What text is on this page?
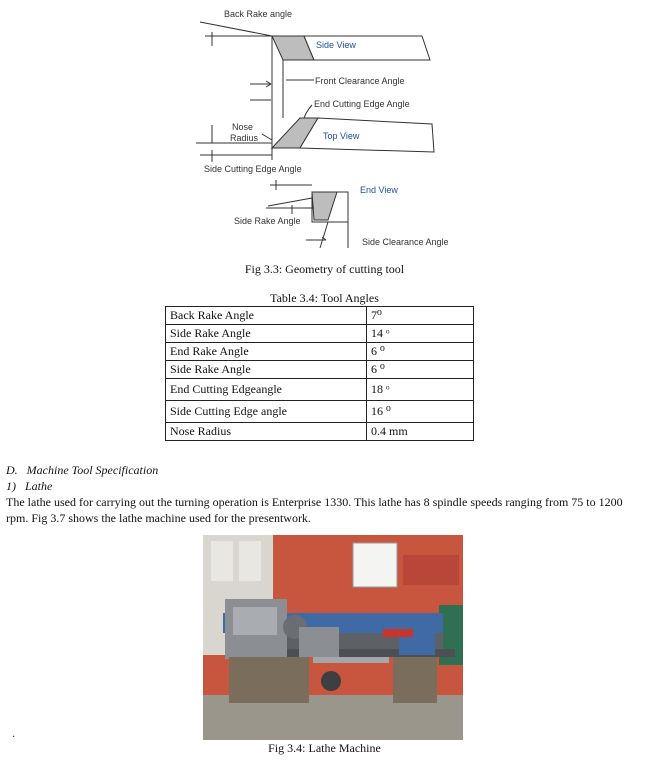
Back Rake angle
Side View
Front Clearance Angle
End Cutting Edge Angle
Nose
Radius	Top View
Side Cutting Edge Angle
End View
Side Rake Angle
Side Clearance Angle
Fig 3.3: Geometry of cutting tool
Table 3.4: Tool Angles
Back Rake Angle	7⁰
Side Rake Angle	14 ᵒ
End Rake Angle	6 ⁰
Side Rake Angle	6 ⁰
End Cutting Edgeangle	18 ᵒ
Side Cutting Edge angle	16 ⁰
Nose Radius	0.4 mm
D.   Machine Tool Specification
1)   Lathe
The lathe used for carrying out the turning operation is Enterprise 1330. This lathe has 8 spindle speeds ranging from 75 to 1200 rpm. Fig 3.7 shows the lathe machine used for the presentwork.
.
Fig 3.4: Lathe Machine
